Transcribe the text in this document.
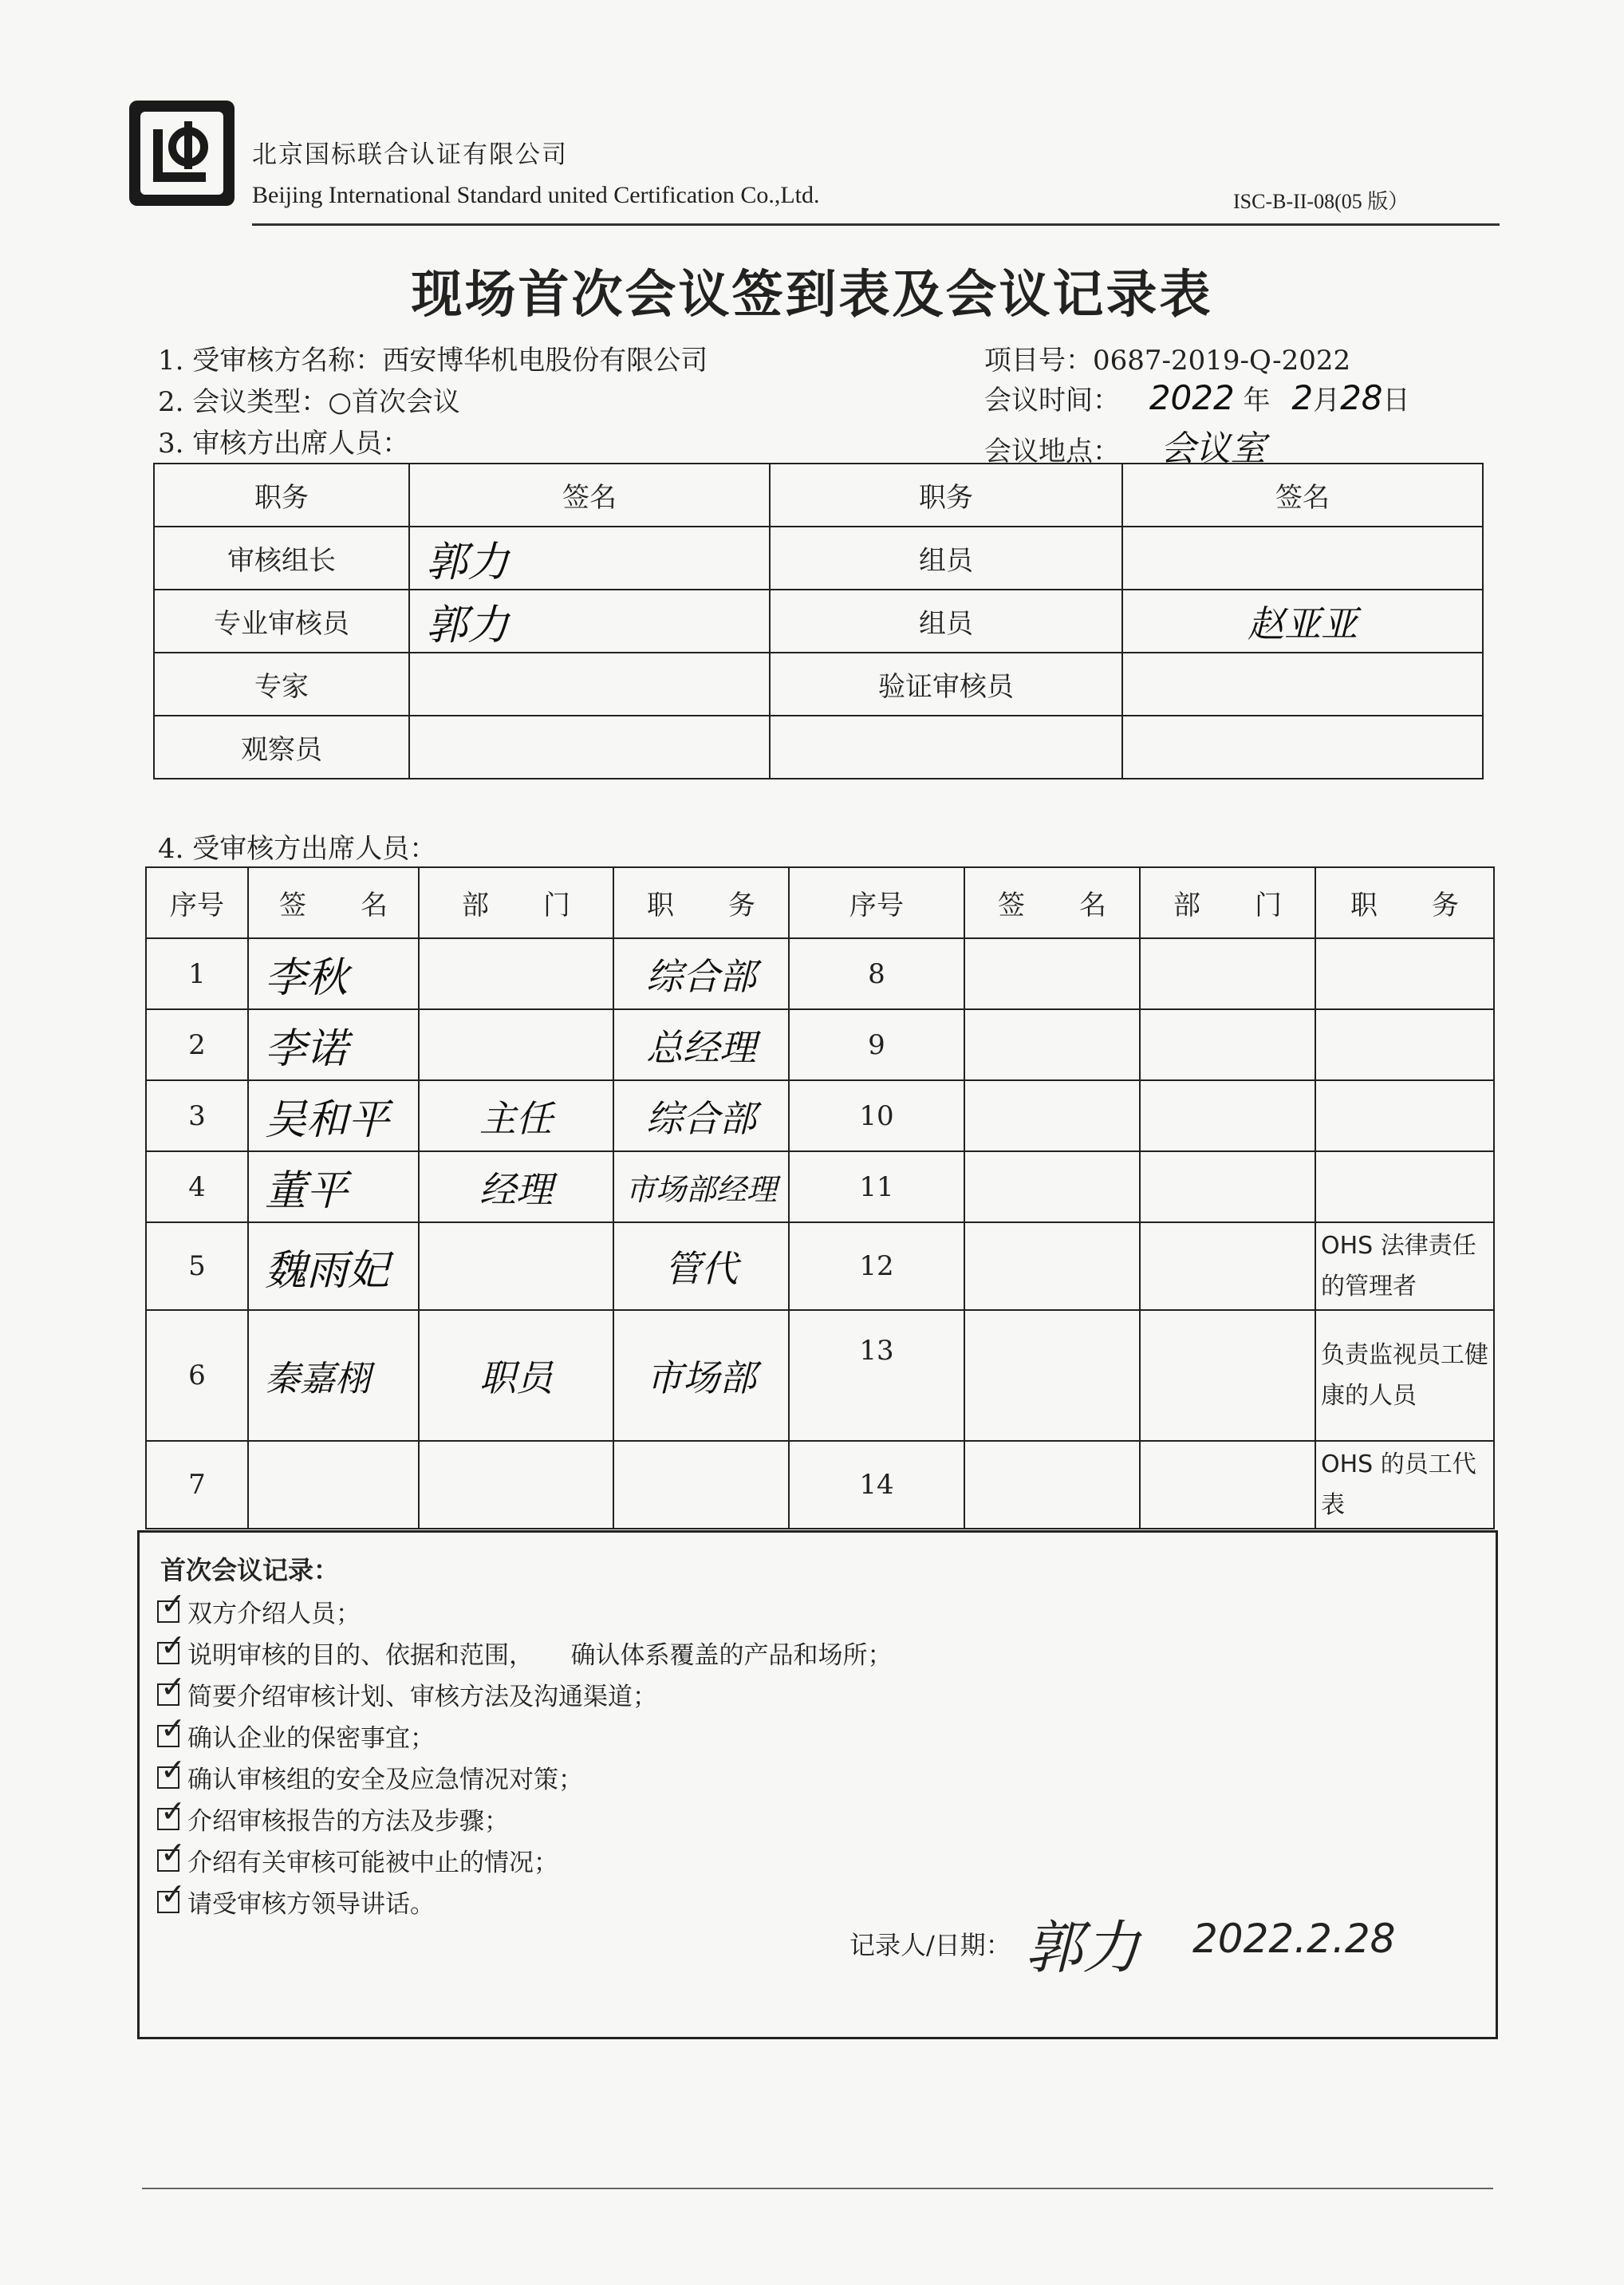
北京国标联合认证有限公司
Beijing International Standard united Certification Co.,Ltd.	ISC-B-II-08(05 版）
现场首次会议签到表及会议记录表
1. 受审核方名称：西安博华机电股份有限公司	项目号：0687-2019-Q-2022
2. 会议类型：○首次会议	会议时间： 2022 年 2月28日
3. 审核方出席人员：	会议地点： 会议室
职务	签名	职务	签名
审核组长	郭力	组员	
专业审核员	郭力	组员	赵亚亚
专家		验证审核员	
观察员			
4. 受审核方出席人员：
序号	签　　名	部　　门	职　　务	序号	签　　名	部　　门	职　　务
1	李秋		综合部	8			
2	李诺		总经理	9			
3	吴和平	主任	综合部	10			
4	董平	经理	市场部经理	11			
5	魏雨妃		管代	12			OHS 法律责任的管理者
6	秦嘉栩	职员	市场部	13			负责监视员工健康的人员
7				14			OHS 的员工代表
首次会议记录：
✓
双方介绍人员；
✓
说明审核的目的、依据和范围，　　确认体系覆盖的产品和场所；
✓
简要介绍审核计划、审核方法及沟通渠道；
✓
确认企业的保密事宜；
✓
确认审核组的安全及应急情况对策；
✓
介绍审核报告的方法及步骤；
✓
介绍有关审核可能被中止的情况；
✓
请受审核方领导讲话。
记录人/日期： 郭力 2022.2.28
